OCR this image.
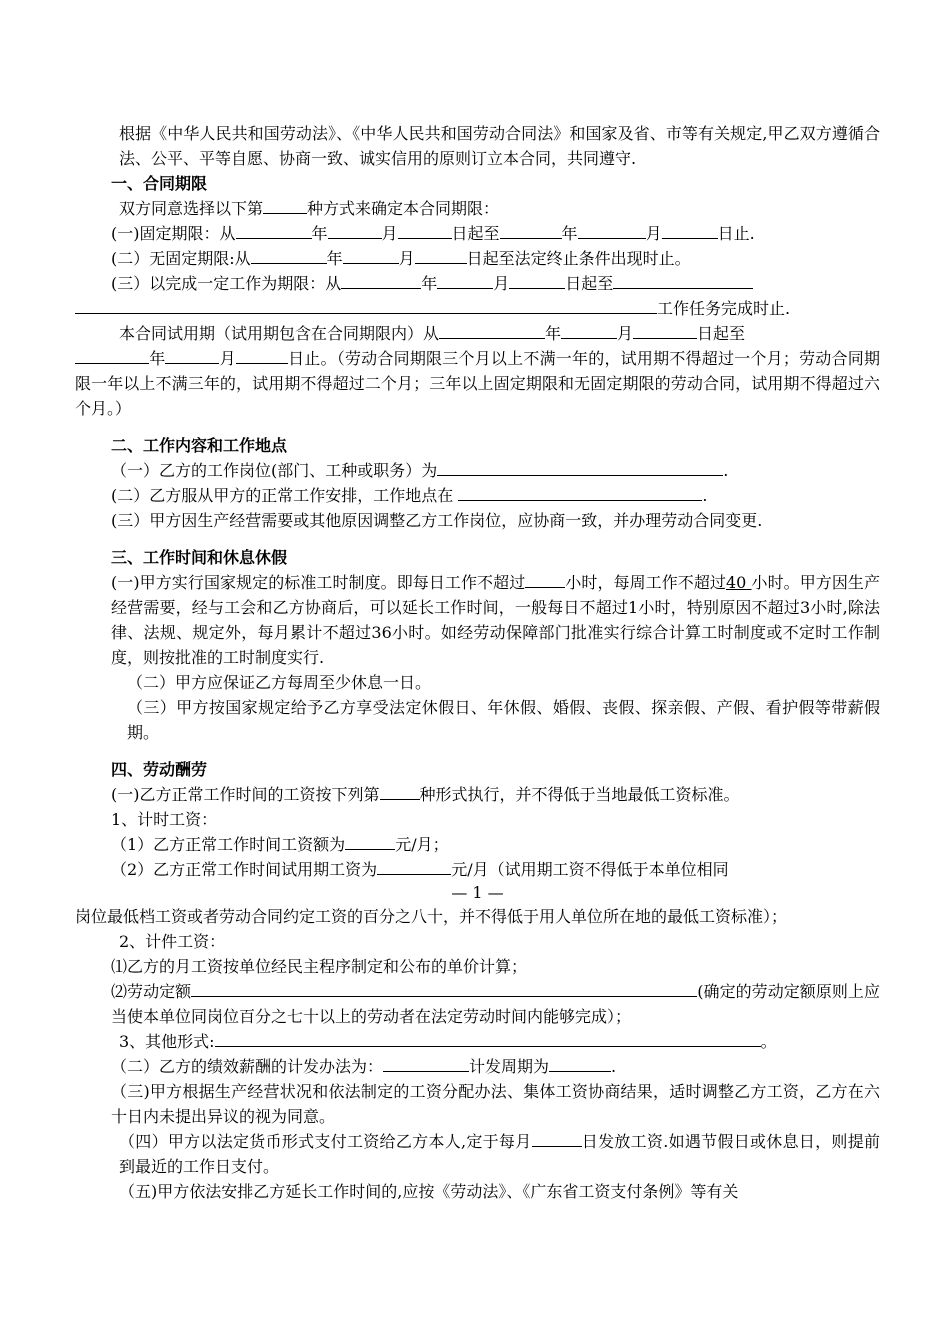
根据《中华人民共和国劳动法》、《中华人民共和国劳动合同法》和国家及省、市等有关规定,甲乙双方遵循合法、公平、平等自愿、协商一致、诚实信用的原则订立本合同，共同遵守.

一、合同期限

双方同意选择以下第	种方式来确定本合同期限：

(一)固定期限：从	年	月	日起至	年	月	日止.

(二）无固定期限:从	年	月	日起至法定终止条件出现时止。

(三）以完成一定工作为期限：从	年	月	日起至

工作任务完成时止.

本合同试用期（试用期包含在合同期限内）从	年	月	日起至

年	月	日止。（劳动合同期限三个月以上不满一年的，试用期不得超过一个月；劳动合同期限一年以上不满三年的，试用期不得超过二个月；三年以上固定期限和无固定期限的劳动合同，试用期不得超过六个月。）

二、工作内容和工作地点

（一）乙方的工作岗位(部门、工种或职务）为	.

(二）乙方服从甲方的正常工作安排，工作地点在	.

(三）甲方因生产经营需要或其他原因调整乙方工作岗位，应协商一致，并办理劳动合同变更.

三、工作时间和休息休假

(一)甲方实行国家规定的标准工时制度。即每日工作不超过	小时，每周工作不超过40 小时。甲方因生产经营需要，经与工会和乙方协商后，可以延长工作时间，一般每日不超过1小时，特别原因不超过3小时,除法律、法规、规定外，每月累计不超过36小时。如经劳动保障部门批准实行综合计算工时制度或不定时工作制度，则按批准的工时制度实行.

（二）甲方应保证乙方每周至少休息一日。

（三）甲方按国家规定给予乙方享受法定休假日、年休假、婚假、丧假、探亲假、产假、看护假等带薪假期。

四、劳动酬劳

(一)乙方正常工作时间的工资按下列第	种形式执行，并不得低于当地最低工资标准。

1、计时工资：

（1）乙方正常工作时间工资额为	元/月；

（2）乙方正常工作时间试用期工资为	元/月（试用期工资不得低于本单位相同

— 1 —

岗位最低档工资或者劳动合同约定工资的百分之八十，并不得低于用人单位所在地的最低工资标准）；

2、计件工资：

⑴乙方的月工资按单位经民主程序制定和公布的单价计算；

⑵劳动定额	(确定的劳动定额原则上应当使本单位同岗位百分之七十以上的劳动者在法定劳动时间内能够完成）；

3、其他形式:	。

（二）乙方的绩效薪酬的计发办法为：	计发周期为	.

（三)甲方根据生产经营状况和依法制定的工资分配办法、集体工资协商结果，适时调整乙方工资，乙方在六十日内未提出异议的视为同意。

（四）甲方以法定货币形式支付工资给乙方本人,定于每月	日发放工资.如遇节假日或休息日，则提前到最近的工作日支付。

（五)甲方依法安排乙方延长工作时间的,应按《劳动法》、《广东省工资支付条例》等有关
